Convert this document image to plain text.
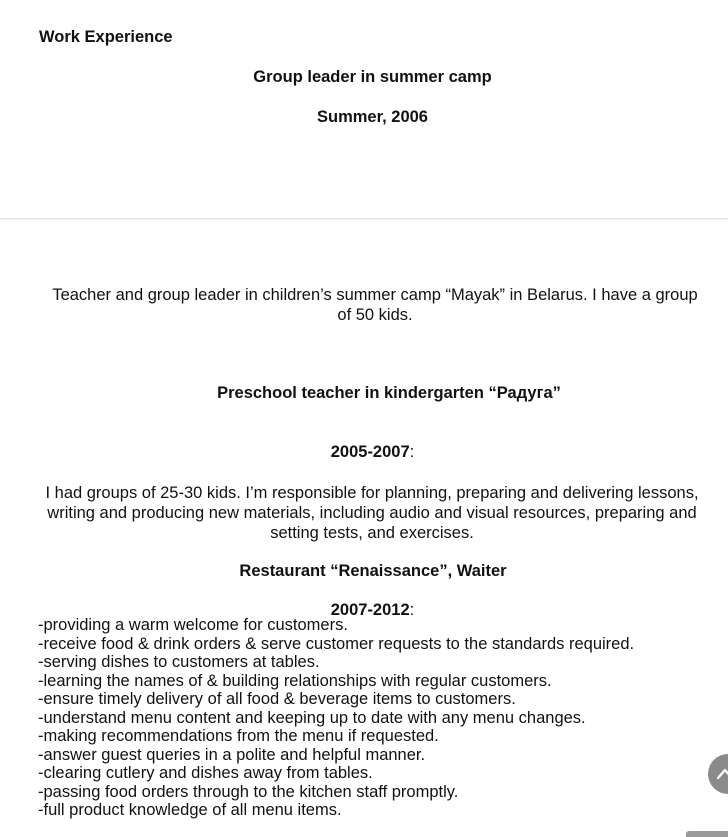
Work Experience
Group leader in summer camp
Summer, 2006
Teacher and group leader in children’s summer camp “Mayak” in Belarus. I have a group of 50 kids.
Preschool teacher in kindergarten “Радуга”
2005-2007:
I had groups of 25-30 kids. I’m responsible for planning, preparing and delivering lessons, writing and producing new materials, including audio and visual resources, preparing and setting tests, and exercises.
Restaurant “Renaissance”, Waiter
2007-2012:
-providing a warm welcome for customers.
-receive food & drink orders & serve customer requests to the standards required.
-serving dishes to customers at tables.
-learning the names of & building relationships with regular customers.
-ensure timely delivery of all food & beverage items to customers.
-understand menu content and keeping up to date with any menu changes.
-making recommendations from the menu if requested.
-answer guest queries in a polite and helpful manner.
-clearing cutlery and dishes away from tables.
-passing food orders through to the kitchen staff promptly.
-full product knowledge of all menu items.
